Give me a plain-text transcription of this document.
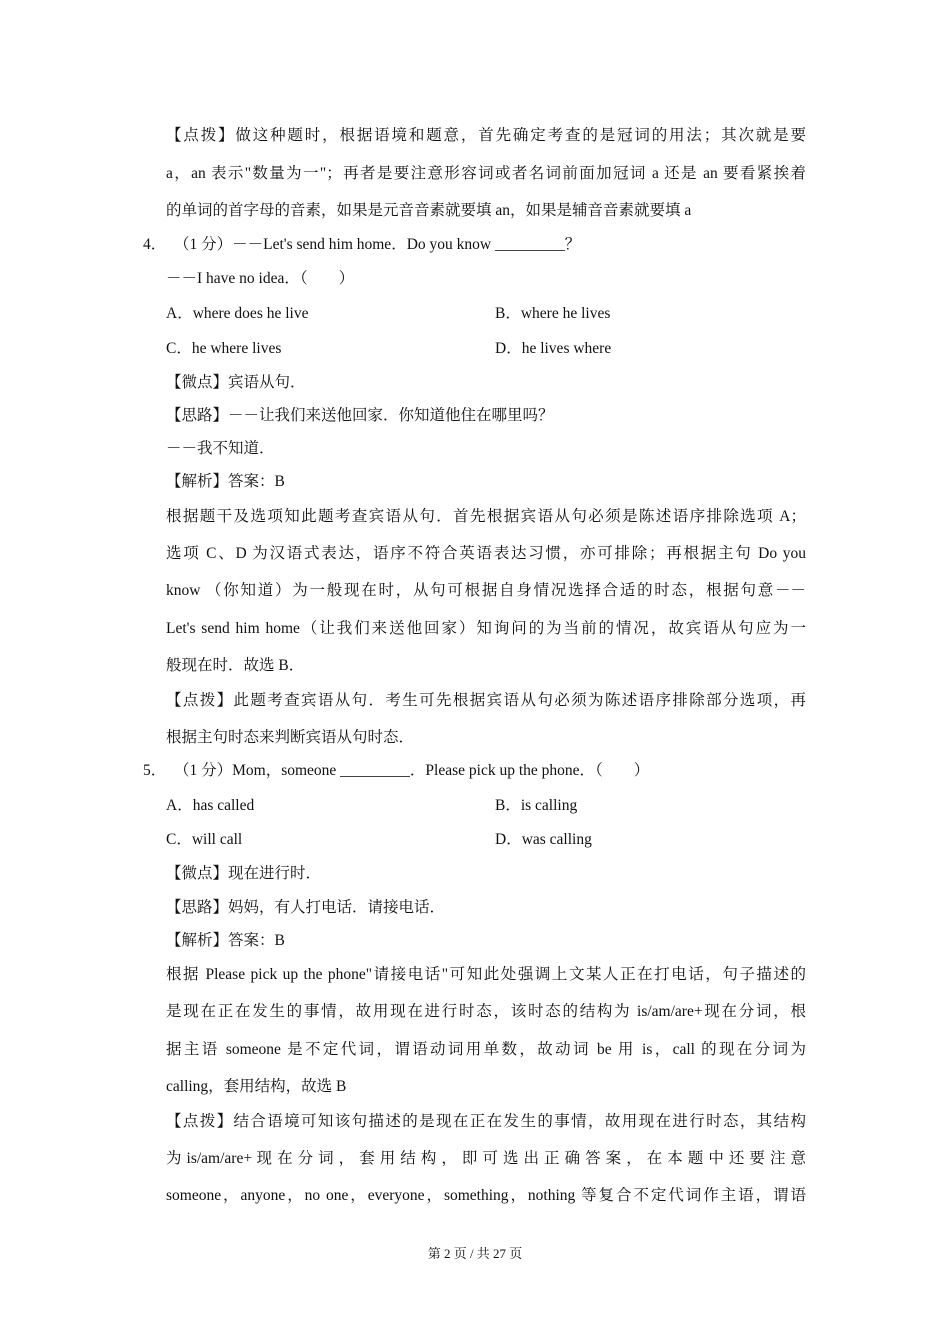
【点拨】做这种题时，根据语境和题意，首先确定考查的是冠词的用法；其次就是要
a，an 表示"数量为一"；再者是要注意形容词或者名词前面加冠词 a 还是 an 要看紧挨着
的单词的首字母的音素，如果是元音音素就要填 an，如果是辅音音素就要填 a
4． （1 分）－－Let's send him home．Do you know _________？
－－I have no idea．（　　）
A．where does he live	B．where he lives
C．he where lives	D．he lives where
【微点】宾语从句．
【思路】－－让我们来送他回家．你知道他住在哪里吗？
－－我不知道．
【解析】答案：B
根据题干及选项知此题考查宾语从句．首先根据宾语从句必须是陈述语序排除选项 A；
选项 C、D 为汉语式表达，语序不符合英语表达习惯，亦可排除；再根据主句 Do you
know （你知道）为一般现在时，从句可根据自身情况选择合适的时态，根据句意－－
Let's send him home（让我们来送他回家）知询问的为当前的情况，故宾语从句应为一
般现在时．故选 B．
【点拨】此题考查宾语从句．考生可先根据宾语从句必须为陈述语序排除部分选项，再
根据主句时态来判断宾语从句时态．
5． （1 分）Mom，someone _________．Please pick up the phone．（　　）
A．has called	B．is calling
C．will call	D．was calling
【微点】现在进行时．
【思路】妈妈，有人打电话．请接电话．
【解析】答案：B
根据 Please pick up the phone"请接电话"可知此处强调上文某人正在打电话，句子描述的
是现在正在发生的事情，故用现在进行时态，该时态的结构为 is/am/are+现在分词，根
据主语 someone 是不定代词，谓语动词用单数，故动词 be 用 is，call 的现在分词为
calling，套用结构，故选 B
【点拨】结合语境可知该句描述的是现在正在发生的事情，故用现在进行时态，其结构
为 is/am/are+ 现 在 分 词 ， 套 用 结 构 ， 即 可 选 出 正 确 答 案 ， 在 本 题 中 还 要 注 意
someone，anyone，no one，everyone，something，nothing 等复合不定代词作主语，谓语
第 2 页 / 共 27 页
